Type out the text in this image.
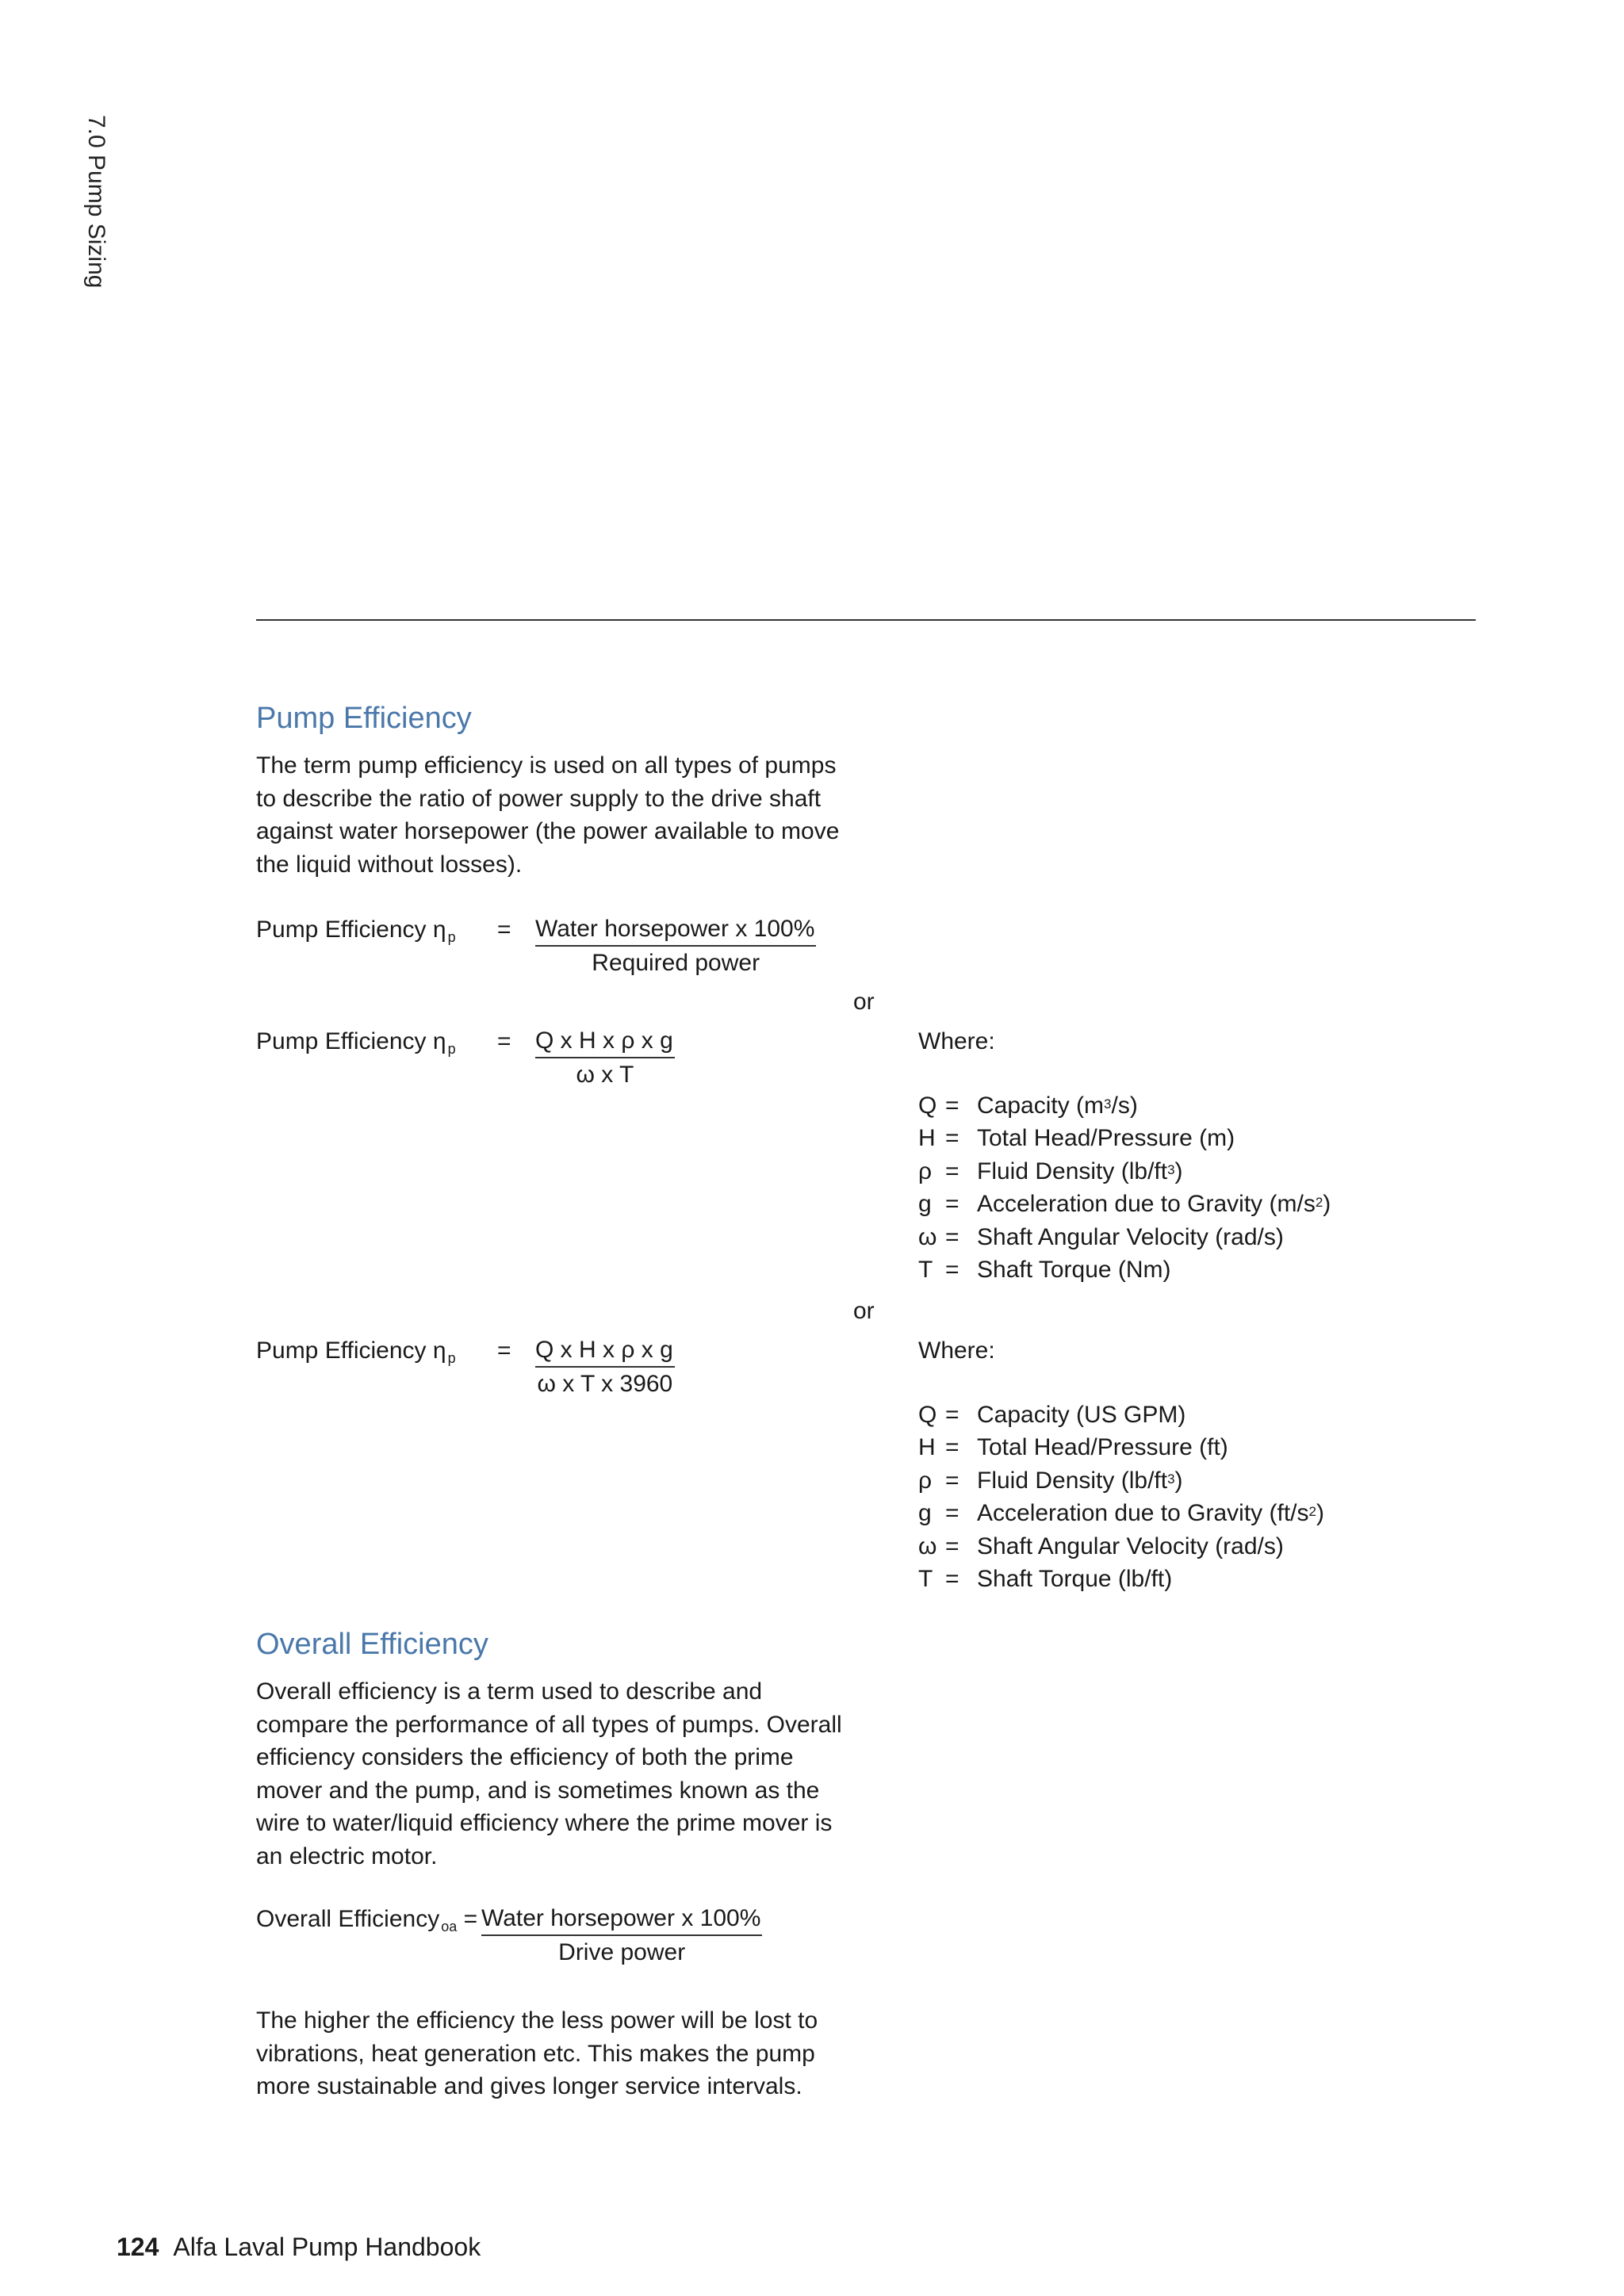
7.0 Pump Sizing
Pump Efficiency
The term pump efficiency is used on all types of pumps to describe the ratio of power supply to the drive shaft against water horsepower (the power available to move the liquid without losses).
Pump Efficiency η $_p$ = Water horsepower x 100%
Required power
or
Pump Efficiency η $_p = \frac{\text{Q x H x ρ x g}}{\text{ω x T}}$	Where:
Q = Capacity ($m^3$ /s)
H = Total Head/Pressure (m)
ρ = Fluid Density ($lb/ft^3$ )
g = Acceleration due to Gravity ($m/s^2$ )
ω = Shaft Angular Velocity (rad/s)
T = Shaft Torque (Nm)
or
Pump Efficiency η $_p = \frac{\text{Q x H x ρ x g}}{\text{ω x T x 3960}}$	Where:
Q = Capacity (US GPM)
H = Total Head/Pressure (ft)
ρ = Fluid Density ($lb/ft^3$ )
g = Acceleration due to Gravity ($ft/s^2$ )
ω = Shaft Angular Velocity (rad/s)
T = Shaft Torque (lb/ft)
Overall Efficiency
Overall efficiency is a term used to describe and compare the performance of all types of pumps. Overall efficiency considers the efficiency of both the prime mover and the pump, and is sometimes known as the wire to water/liquid efficiency where the prime mover is an electric motor.
Overall Efficiency $_{oa}$ = Water horsepower x 100%
Drive power
The higher the efficiency the less power will be lost to vibrations, heat generation etc. This makes the pump more sustainable and gives longer service intervals.
124 Alfa Laval Pump Handbook
